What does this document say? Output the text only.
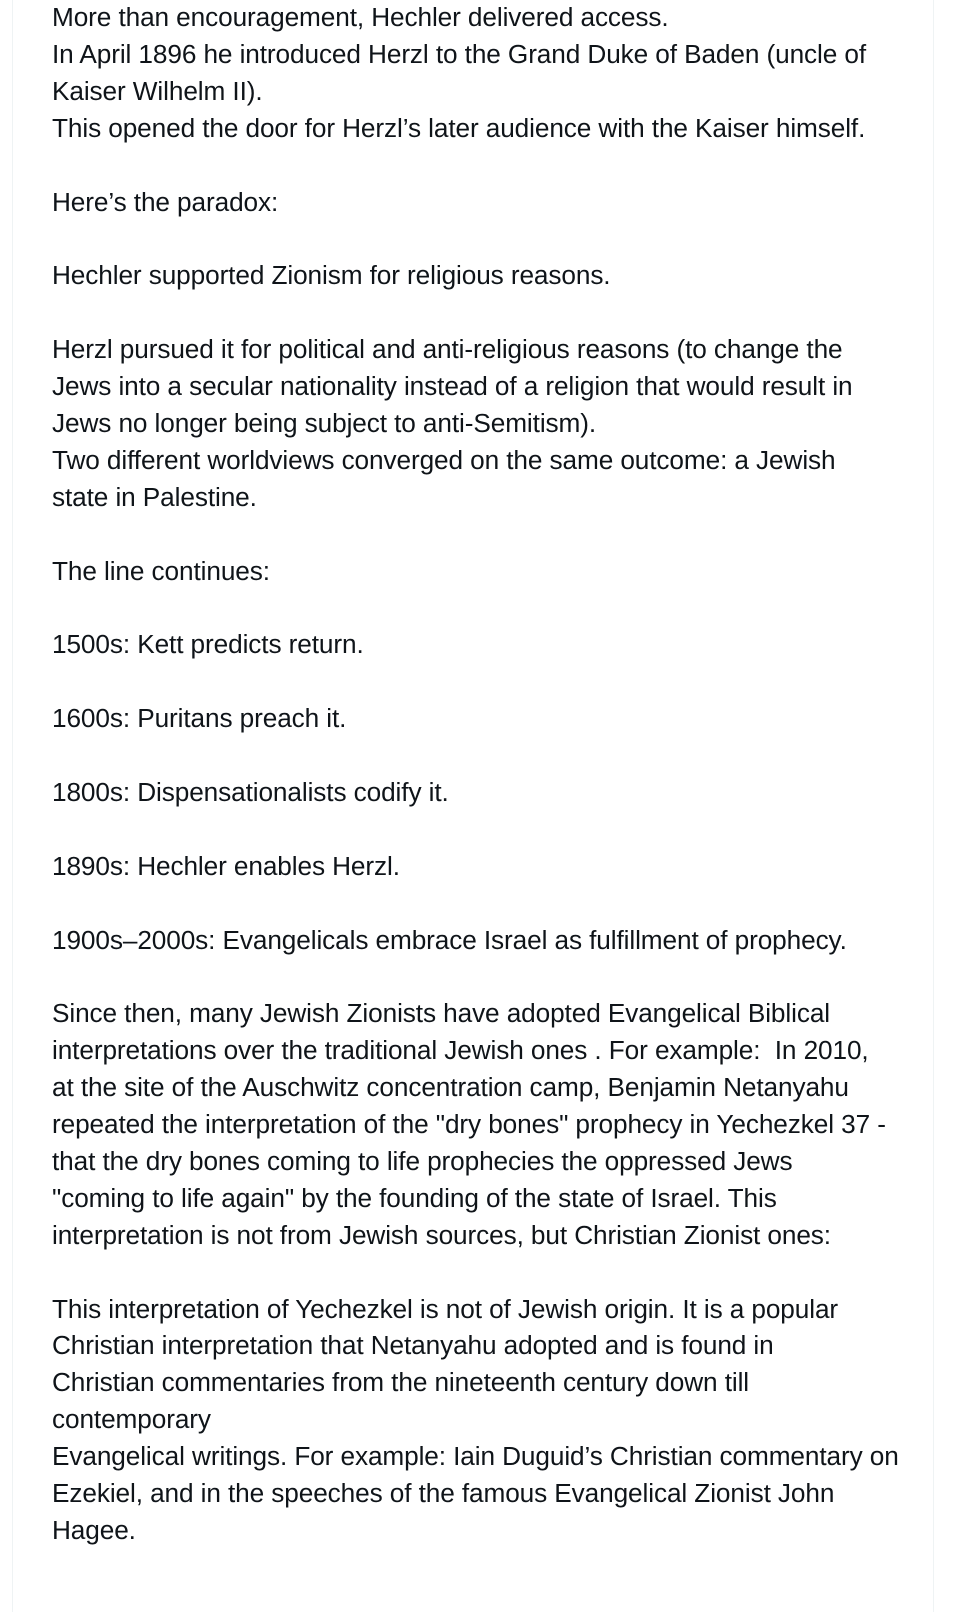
More than encouragement, Hechler delivered access.
In April 1896 he introduced Herzl to the Grand Duke of Baden (uncle of
Kaiser Wilhelm II).
This opened the door for Herzl’s later audience with the Kaiser himself.

Here’s the paradox:

Hechler supported Zionism for religious reasons.

Herzl pursued it for political and anti-religious reasons (to change the
Jews into a secular nationality instead of a religion that would result in
Jews no longer being subject to anti-Semitism).
Two different worldviews converged on the same outcome: a Jewish
state in Palestine.

The line continues:

1500s: Kett predicts return.

1600s: Puritans preach it.

1800s: Dispensationalists codify it.

1890s: Hechler enables Herzl.

1900s–2000s: Evangelicals embrace Israel as fulfillment of prophecy.

Since then, many Jewish Zionists have adopted Evangelical Biblical
interpretations over the traditional Jewish ones . For example:  In 2010,
at the site of the Auschwitz concentration camp, Benjamin Netanyahu
repeated the interpretation of the "dry bones" prophecy in Yechezkel 37 -
that the dry bones coming to life prophecies the oppressed Jews
"coming to life again" by the founding of the state of Israel. This
interpretation is not from Jewish sources, but Christian Zionist ones:

This interpretation of Yechezkel is not of Jewish origin. It is a popular
Christian interpretation that Netanyahu adopted and is found in
Christian commentaries from the nineteenth century down till
contemporary
Evangelical writings. For example: Iain Duguid’s Christian commentary on
Ezekiel, and in the speeches of the famous Evangelical Zionist John
Hagee.
